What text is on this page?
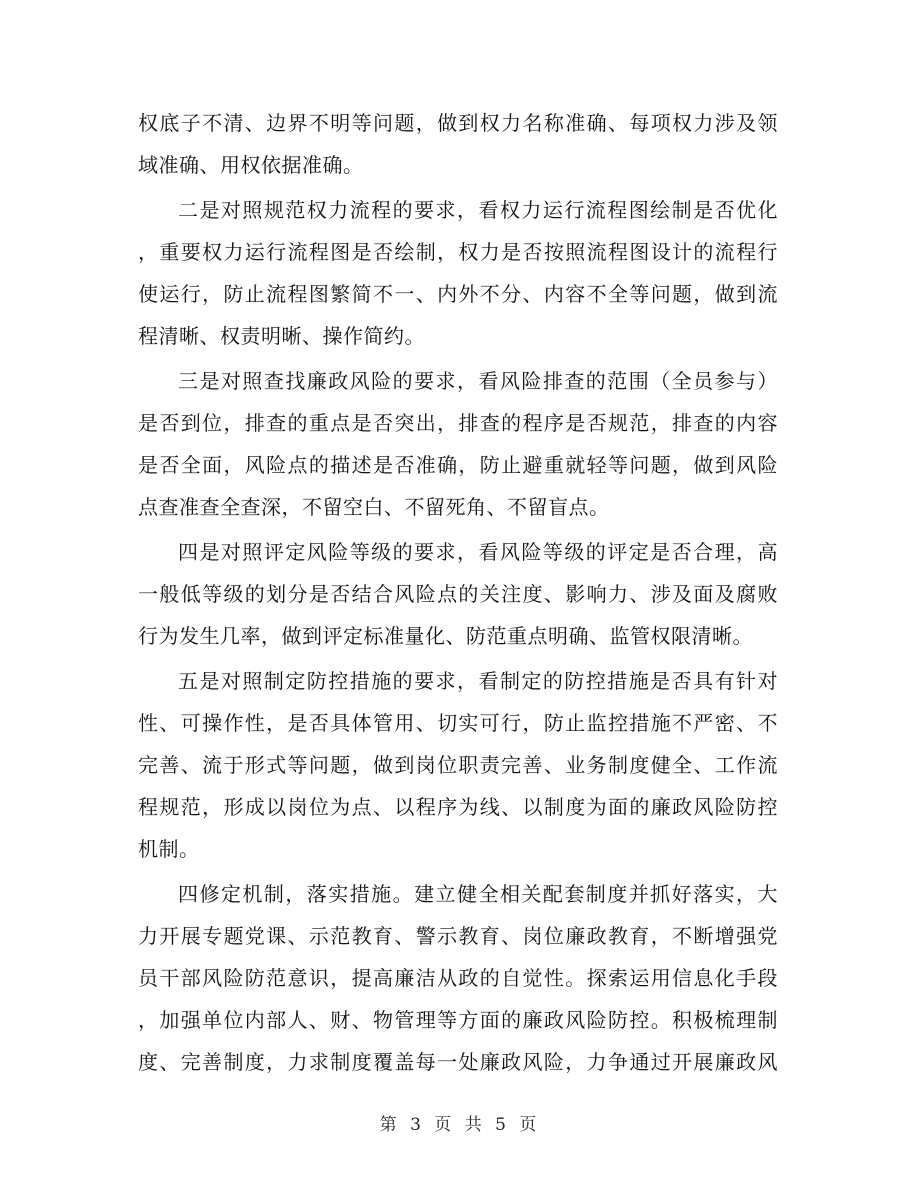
权底子不清、边界不明等问题，做到权力名称准确、每项权力涉及领
域准确、用权依据准确。
二是对照规范权力流程的要求，看权力运行流程图绘制是否优化
，重要权力运行流程图是否绘制，权力是否按照流程图设计的流程行
使运行，防止流程图繁简不一、内外不分、内容不全等问题，做到流
程清晰、权责明晰、操作简约。
三是对照查找廉政风险的要求，看风险排查的范围（全员参与）
是否到位，排查的重点是否突出，排查的程序是否规范，排查的内容
是否全面，风险点的描述是否准确，防止避重就轻等问题，做到风险
点查准查全查深，不留空白、不留死角、不留盲点。
四是对照评定风险等级的要求，看风险等级的评定是否合理，高
一般低等级的划分是否结合风险点的关注度、影响力、涉及面及腐败
行为发生几率，做到评定标准量化、防范重点明确、监管权限清晰。
五是对照制定防控措施的要求，看制定的防控措施是否具有针对
性、可操作性，是否具体管用、切实可行，防止监控措施不严密、不
完善、流于形式等问题，做到岗位职责完善、业务制度健全、工作流
程规范，形成以岗位为点、以程序为线、以制度为面的廉政风险防控
机制。
四修定机制，落实措施。建立健全相关配套制度并抓好落实，大
力开展专题党课、示范教育、警示教育、岗位廉政教育，不断增强党
员干部风险防范意识，提高廉洁从政的自觉性。探索运用信息化手段
，加强单位内部人、财、物管理等方面的廉政风险防控。积极梳理制
度、完善制度，力求制度覆盖每一处廉政风险，力争通过开展廉政风
第 3 页 共 5 页
